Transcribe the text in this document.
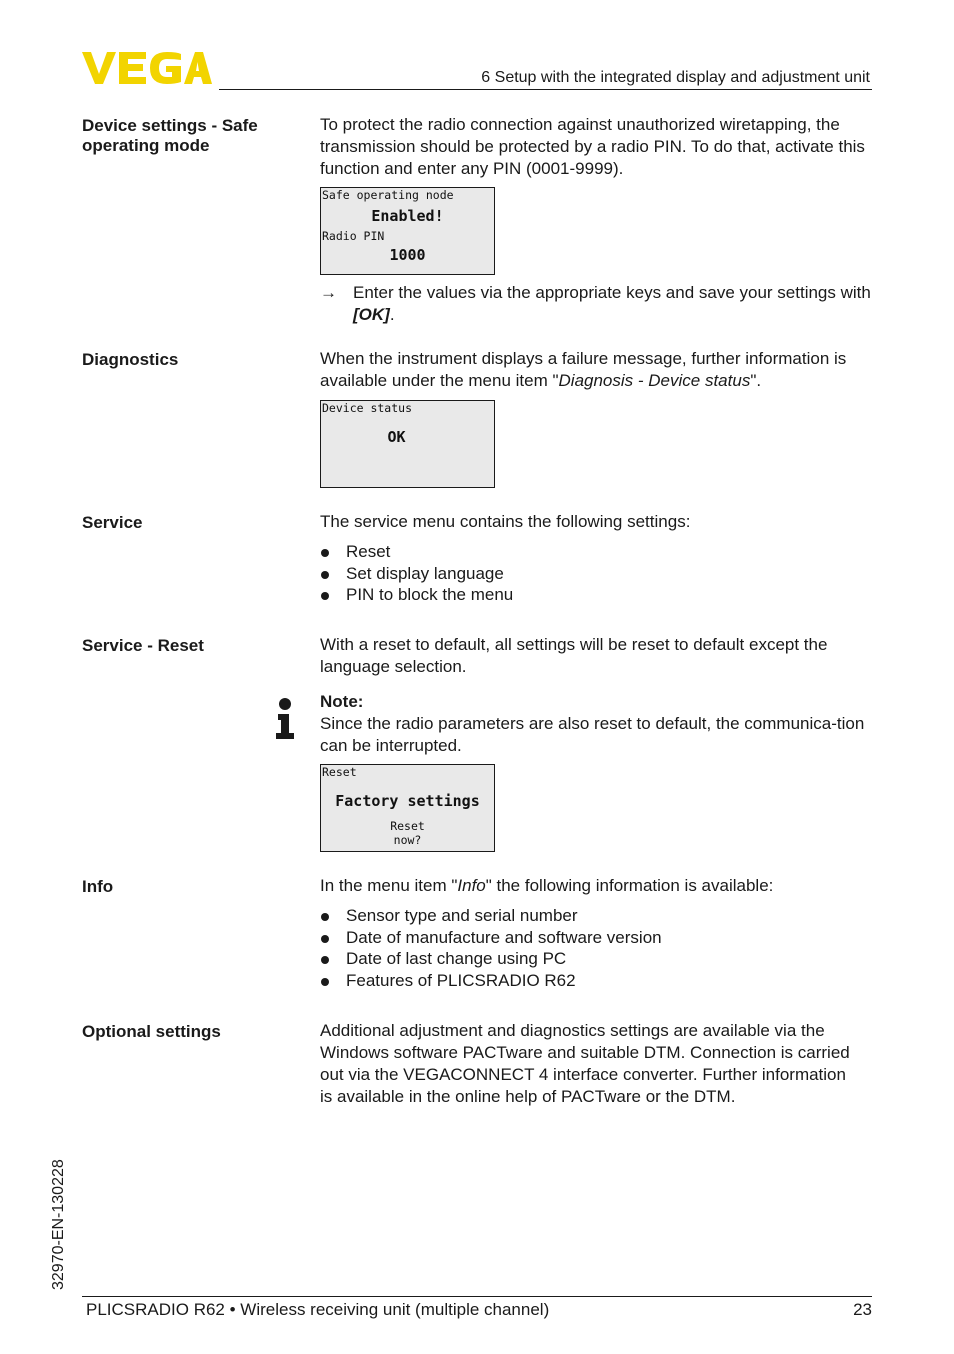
6 Setup with the integrated display and adjustment unit
Device settings - Safe operating mode

To protect the radio connection against unauthorized wiretapping, the transmission should be protected by a radio PIN. To do that, activate this function and enter any PIN (0001-9999).

Safe operating node
Enabled!
Radio PIN
1000

→ Enter the values via the appropriate keys and save your settings with [OK].

Diagnostics	When the instrument displays a failure message, further information is available under the menu item "Diagnosis - Device status".

Device status
OK
Service	The service menu contains the following settings:

Reset
Set display language
PIN to block the menu
Service - Reset	With a reset to default, all settings will be reset to default except the language selection.

Note:

Since the radio parameters are also reset to default, the communica-tion can be interrupted.

Reset
Factory settings
Reset
now?
Info	In the menu item "Info" the following information is available:

Sensor type and serial number
Date of manufacture and software version
Date of last change using PC
Features of PLICSRADIO R62
Optional settings	Additional adjustment and diagnostics settings are available via the Windows software PACTware and suitable DTM. Connection is carried out via the VEGACONNECT 4 interface converter. Further information is available in the online help of PACTware or the DTM.

32970-EN-130228
PLICSRADIO R62 • Wireless receiving unit (multiple channel)	23
